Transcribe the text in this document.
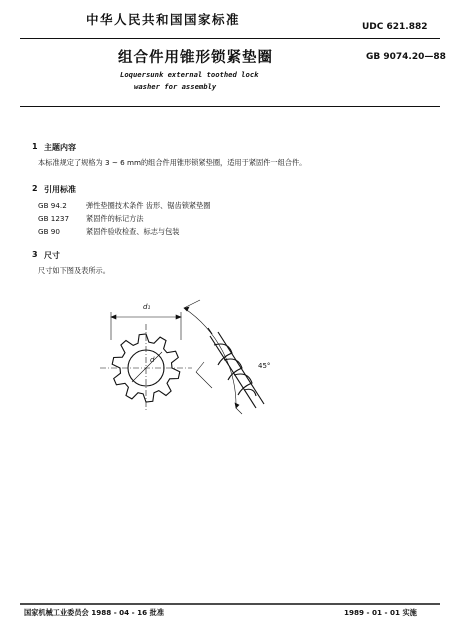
中华人民共和国国家标准	UDC 621.882
组合件用锥形锁紧垫圈	GB 9074.20—88
Loquersunk external toothed lock
washer for assembly
1 主题内容
本标准规定了规格为 3 ~ 6 mm的组合件用锥形锁紧垫圈，适用于紧固件一组合件。
2 引用标准
GB 94.2	弹性垫圈技术条件 齿形、锯齿锁紧垫圈
GB 1237 紧固件的标记方法
GB 90	紧固件验收检查、标志与包装
3 尺寸
尺寸如下图及表所示。
d₁
d
45°
国家机械工业委员会 1988 - 04 - 16 批准	1989 - 01 - 01 实施
